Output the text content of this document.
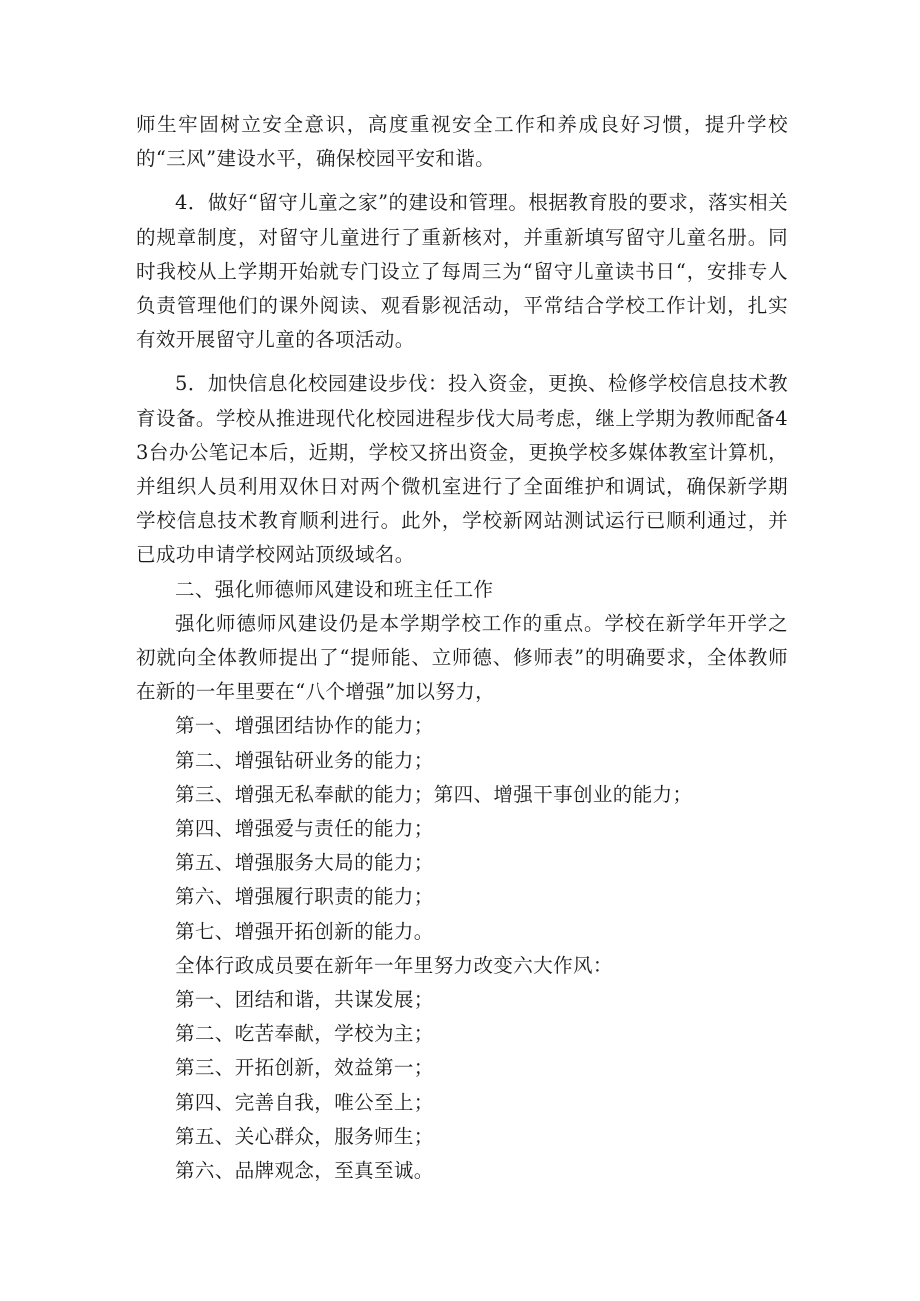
师生牢固树立安全意识，高度重视安全工作和养成良好习惯，提升学校的“三风”建设水平，确保校园平安和谐。

4．做好“留守儿童之家”的建设和管理。根据教育股的要求，落实相关的规章制度，对留守儿童进行了重新核对，并重新填写留守儿童名册。同时我校从上学期开始就专门设立了每周三为“留守儿童读书日“，安排专人负责管理他们的课外阅读、观看影视活动，平常结合学校工作计划，扎实有效开展留守儿童的各项活动。

5．加快信息化校园建设步伐：投入资金，更换、检修学校信息技术教育设备。学校从推进现代化校园进程步伐大局考虑，继上学期为教师配备43台办公笔记本后，近期，学校又挤出资金，更换学校多媒体教室计算机，并组织人员利用双休日对两个微机室进行了全面维护和调试，确保新学期学校信息技术教育顺利进行。此外，学校新网站测试运行已顺利通过，并已成功申请学校网站顶级域名。

二、强化师德师风建设和班主任工作

强化师德师风建设仍是本学期学校工作的重点。学校在新学年开学之初就向全体教师提出了“提师能、立师德、修师表”的明确要求，全体教师在新的一年里要在“八个增强”加以努力，

第一、增强团结协作的能力；

第二、增强钻研业务的能力；

第三、增强无私奉献的能力；第四、增强干事创业的能力；

第四、增强爱与责任的能力；

第五、增强服务大局的能力；

第六、增强履行职责的能力；

第七、增强开拓创新的能力。

全体行政成员要在新年一年里努力改变六大作风：

第一、团结和谐，共谋发展；

第二、吃苦奉献，学校为主；

第三、开拓创新，效益第一；

第四、完善自我，唯公至上；

第五、关心群众，服务师生；

第六、品牌观念，至真至诚。
